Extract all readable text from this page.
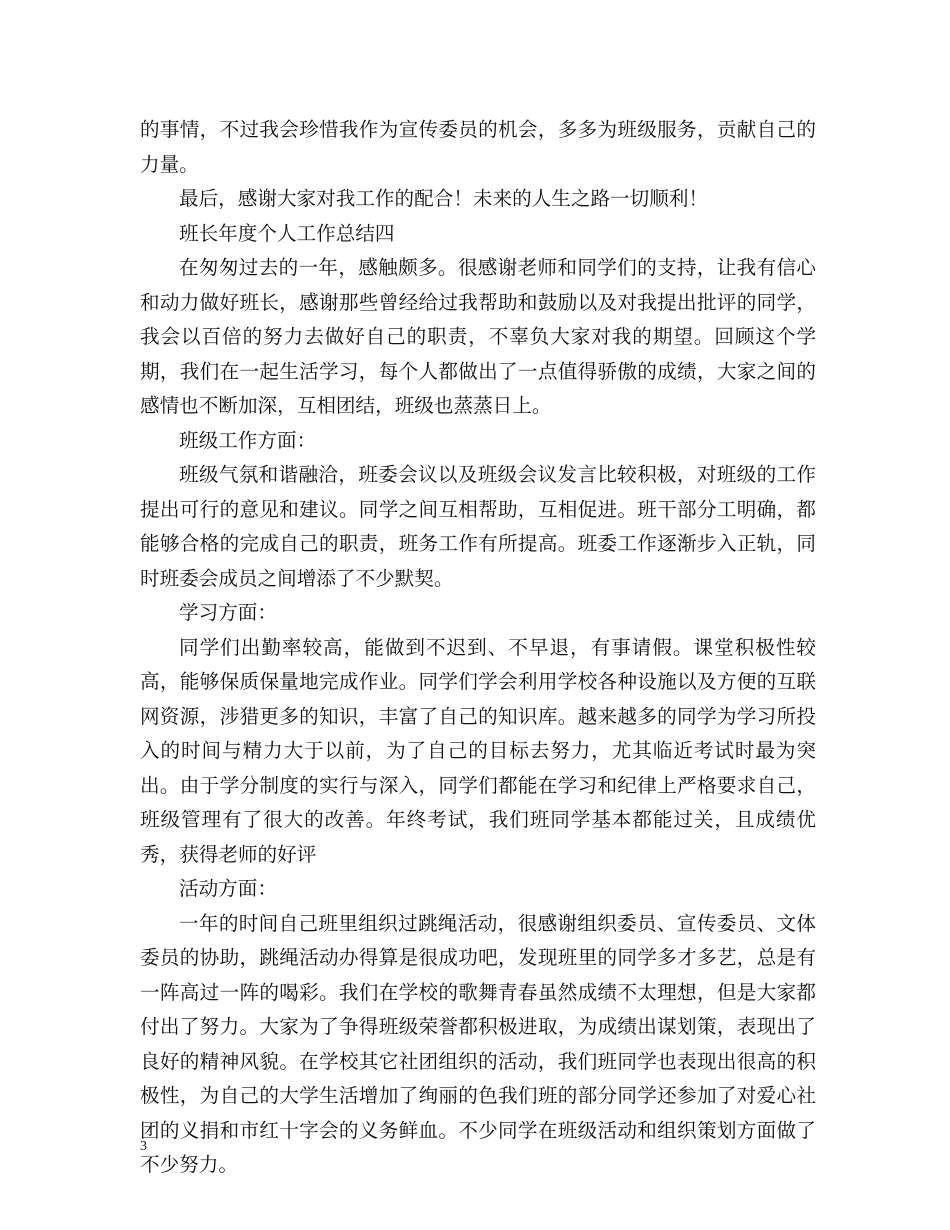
的事情，不过我会珍惜我作为宣传委员的机会，多多为班级服务，贡献自己的力量。

最后，感谢大家对我工作的配合！未来的人生之路一切顺利！

班长年度个人工作总结四

在匆匆过去的一年，感触颇多。很感谢老师和同学们的支持，让我有信心和动力做好班长，感谢那些曾经给过我帮助和鼓励以及对我提出批评的同学，我会以百倍的努力去做好自己的职责，不辜负大家对我的期望。回顾这个学期，我们在一起生活学习，每个人都做出了一点值得骄傲的成绩，大家之间的感情也不断加深，互相团结，班级也蒸蒸日上。

班级工作方面：

班级气氛和谐融洽，班委会议以及班级会议发言比较积极，对班级的工作提出可行的意见和建议。同学之间互相帮助，互相促进。班干部分工明确，都能够合格的完成自己的职责，班务工作有所提高。班委工作逐渐步入正轨，同时班委会成员之间增添了不少默契。

学习方面：

同学们出勤率较高，能做到不迟到、不早退，有事请假。课堂积极性较高，能够保质保量地完成作业。同学们学会利用学校各种设施以及方便的互联网资源，涉猎更多的知识，丰富了自己的知识库。越来越多的同学为学习所投入的时间与精力大于以前，为了自己的目标去努力，尤其临近考试时最为突出。由于学分制度的实行与深入，同学们都能在学习和纪律上严格要求自己，班级管理有了很大的改善。年终考试，我们班同学基本都能过关，且成绩优秀，获得老师的好评

活动方面：

一年的时间自己班里组织过跳绳活动，很感谢组织委员、宣传委员、文体委员的协助，跳绳活动办得算是很成功吧，发现班里的同学多才多艺，总是有一阵高过一阵的喝彩。我们在学校的歌舞青春虽然成绩不太理想，但是大家都付出了努力。大家为了争得班级荣誉都积极进取，为成绩出谋划策，表现出了良好的精神风貌。在学校其它社团组织的活动，我们班同学也表现出很高的积极性，为自己的大学生活增加了绚丽的色我们班的部分同学还参加了对爱心社团的义捐和市红十字会的义务鲜血。不少同学在班级活动和组织策划方面做了不少努力。

3
